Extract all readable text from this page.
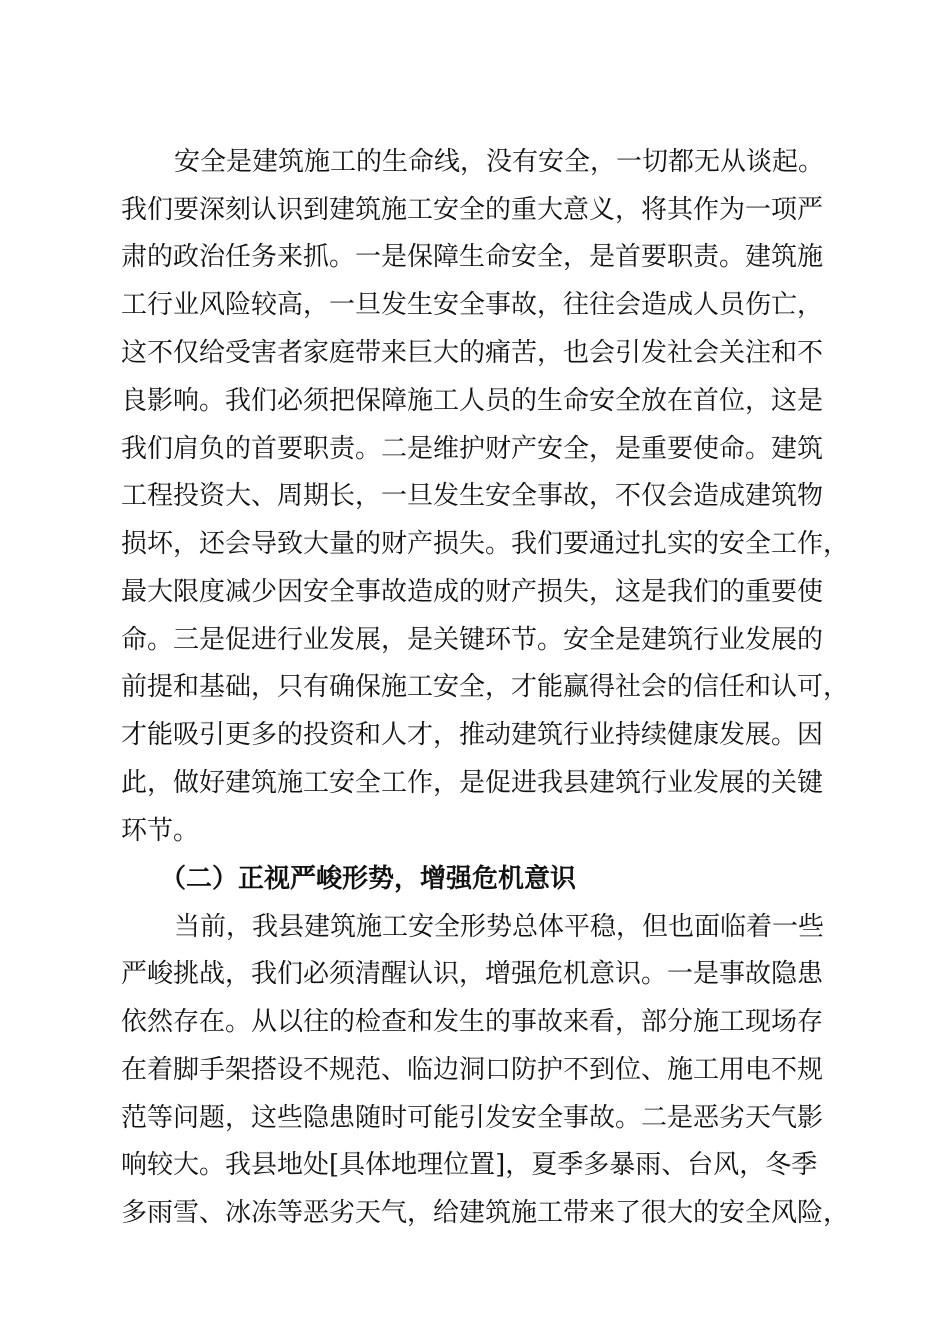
安全是建筑施工的生命线，没有安全，一切都无从谈起。
我们要深刻认识到建筑施工安全的重大意义，将其作为一项严
肃的政治任务来抓。一是保障生命安全，是首要职责。建筑施
工行业风险较高，一旦发生安全事故，往往会造成人员伤亡，
这不仅给受害者家庭带来巨大的痛苦，也会引发社会关注和不
良影响。我们必须把保障施工人员的生命安全放在首位，这是
我们肩负的首要职责。二是维护财产安全，是重要使命。建筑
工程投资大、周期长，一旦发生安全事故，不仅会造成建筑物
损坏，还会导致大量的财产损失。我们要通过扎实的安全工作，
最大限度减少因安全事故造成的财产损失，这是我们的重要使
命。三是促进行业发展，是关键环节。安全是建筑行业发展的
前提和基础，只有确保施工安全，才能赢得社会的信任和认可，
才能吸引更多的投资和人才，推动建筑行业持续健康发展。因
此，做好建筑施工安全工作，是促进我县建筑行业发展的关键
环节。
（二）正视严峻形势，增强危机意识
当前，我县建筑施工安全形势总体平稳，但也面临着一些
严峻挑战，我们必须清醒认识，增强危机意识。一是事故隐患
依然存在。从以往的检查和发生的事故来看，部分施工现场存
在着脚手架搭设不规范、临边洞口防护不到位、施工用电不规
范等问题，这些隐患随时可能引发安全事故。二是恶劣天气影
响较大。我县地处[具体地理位置]，夏季多暴雨、台风，冬季
多雨雪、冰冻等恶劣天气，给建筑施工带来了很大的安全风险，
